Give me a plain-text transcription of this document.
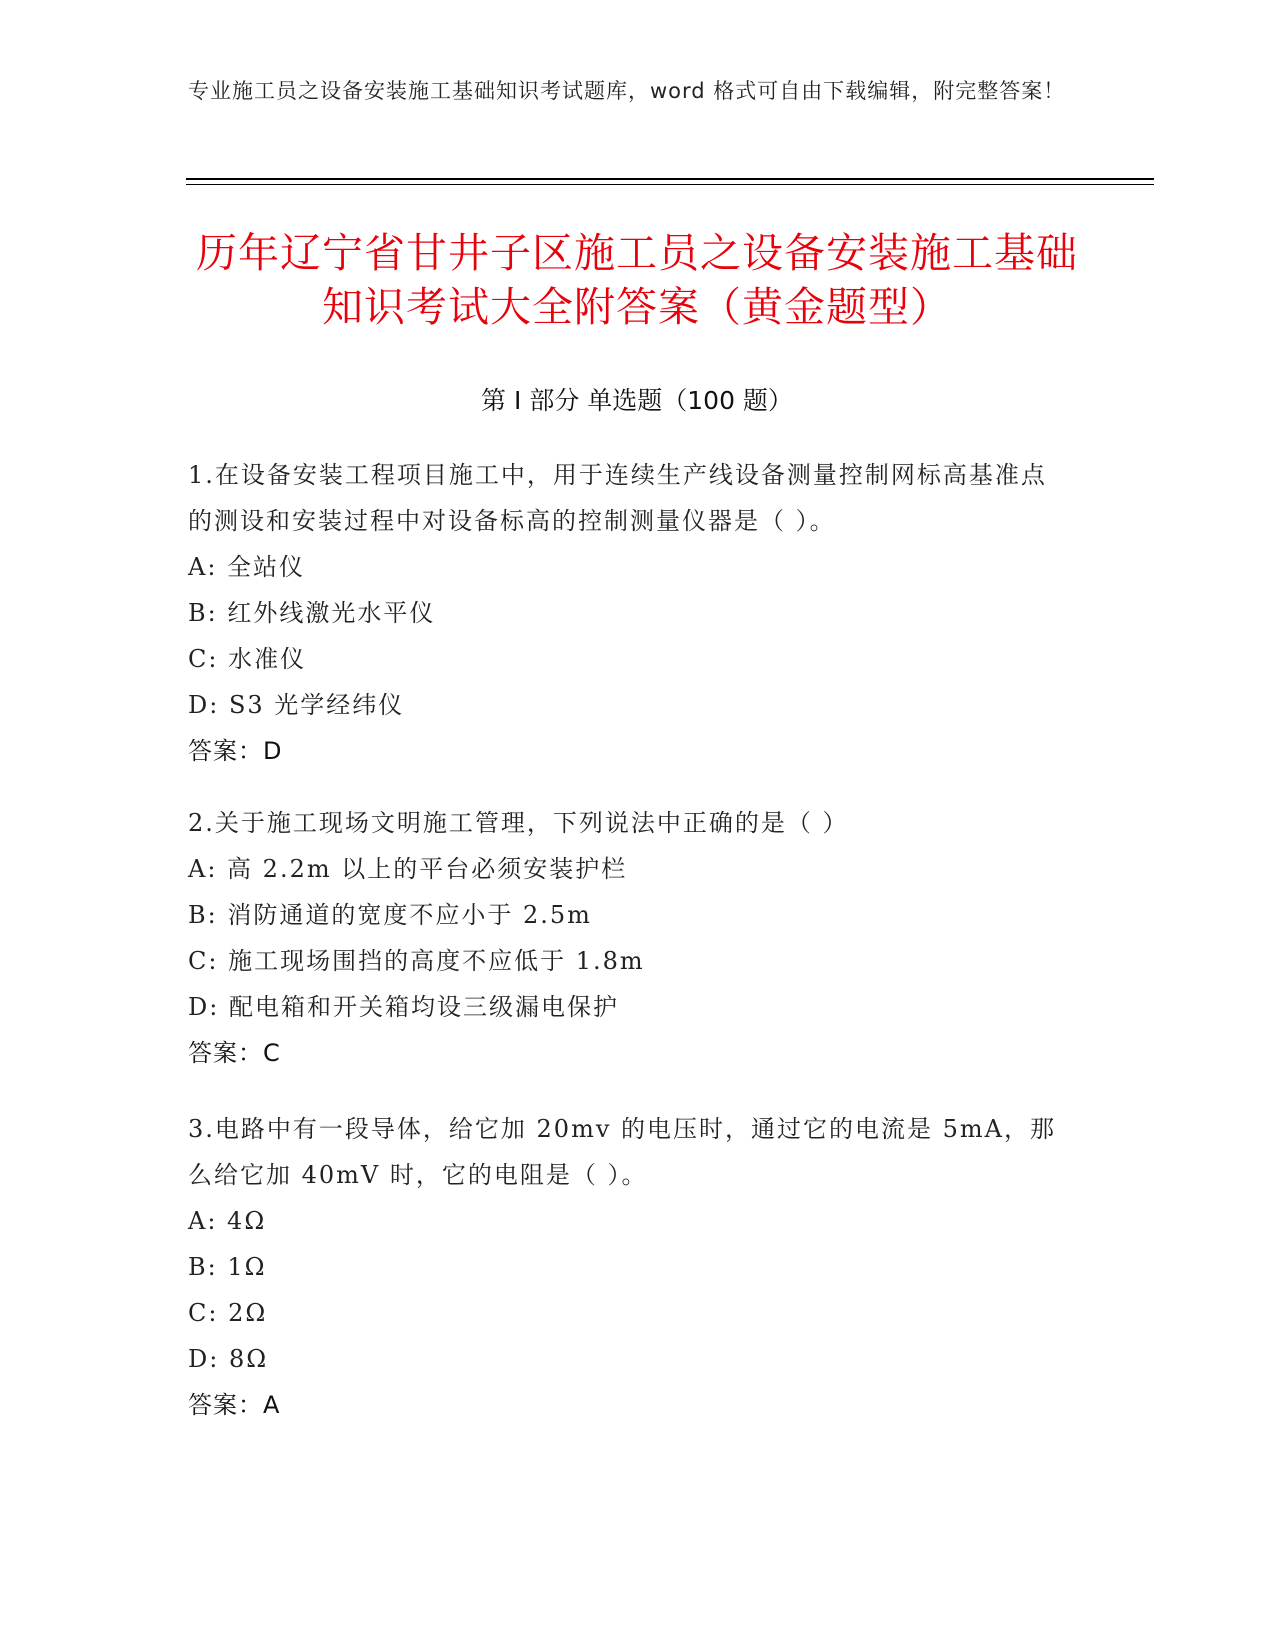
专业施工员之设备安装施工基础知识考试题库，word 格式可自由下载编辑，附完整答案！
历年辽宁省甘井子区施工员之设备安装施工基础知识考试大全附答案（黄金题型）
第 I 部分 单选题（100 题）
1.在设备安装工程项目施工中，用于连续生产线设备测量控制网标高基准点的测设和安装过程中对设备标高的控制测量仪器是（ ）。
A: 全站仪
B: 红外线激光水平仪
C: 水准仪
D: S3 光学经纬仪
答案：D
2.关于施工现场文明施工管理，下列说法中正确的是（ ）
A: 高 2.2m 以上的平台必须安装护栏
B: 消防通道的宽度不应小于 2.5m
C: 施工现场围挡的高度不应低于 1.8m
D: 配电箱和开关箱均设三级漏电保护
答案：C
3.电路中有一段导体，给它加 20mv 的电压时，通过它的电流是 5mA，那么给它加 40mV 时，它的电阻是（ ）。
A: 4Ω
B: 1Ω
C: 2Ω
D: 8Ω
答案：A
